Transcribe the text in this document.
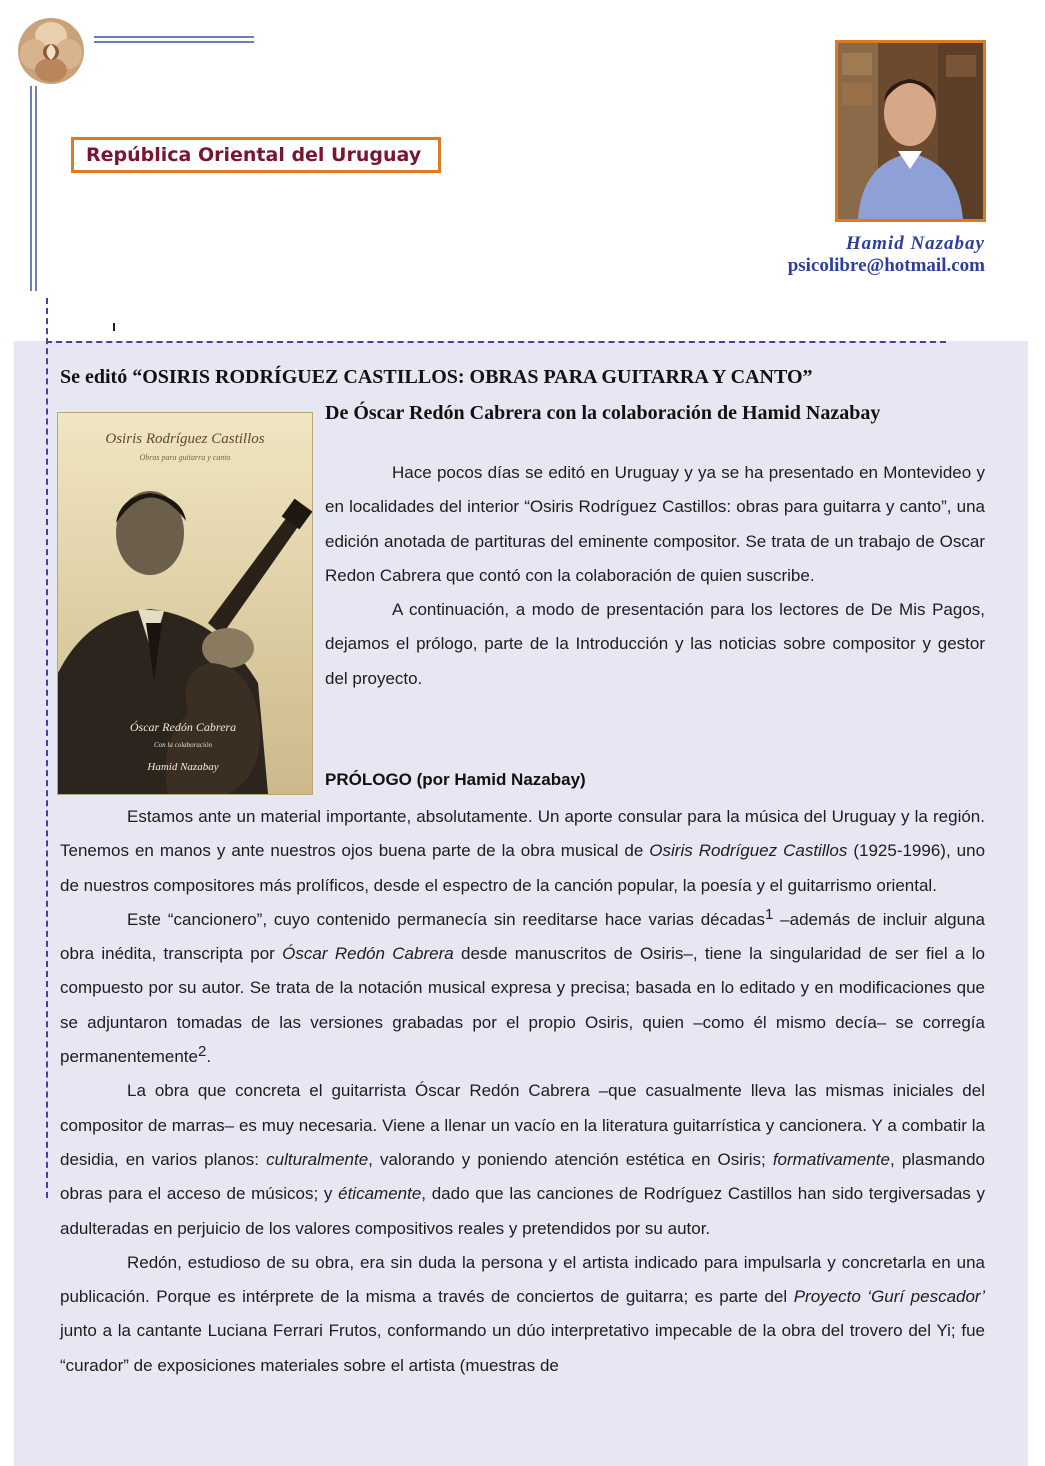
República Oriental del Uruguay
Hamid Nazabay
psicolibre@hotmail.com
Se editó “OSIRIS RODRÍGUEZ CASTILLOS: OBRAS PARA GUITARRA Y CANTO”
De Óscar Redón Cabrera con la colaboración de Hamid Nazabay
Osiris Rodríguez Castillos
Obras para guitarra y canto
Óscar Redón Cabrera
Con la colaboración
Hamid Nazabay

Hace pocos días se editó en Uruguay y ya se ha presentado en Montevideo y en localidades del interior “Osiris Rodríguez Castillos: obras para guitarra y canto”, una edición anotada de partituras del eminente compositor. Se trata de un trabajo de Oscar Redon Cabrera que contó con la colaboración de quien suscribe.

A continuación, a modo de presentación para los lectores de De Mis Pagos, dejamos el prólogo, parte de la Introducción y las noticias sobre compositor y gestor del proyecto.

PRÓLOGO (por Hamid Nazabay)

Estamos ante un material importante, absolutamente. Un aporte consular para la música del Uruguay y la región. Tenemos en manos y ante nuestros ojos buena parte de la obra musical de Osiris Rodríguez Castillos (1925-1996), uno de nuestros compositores más prolíficos, desde el espectro de la canción popular, la poesía y el guitarrismo oriental.

Este “cancionero”, cuyo contenido permanecía sin reeditarse hace varias décadas$^1$ –además de incluir alguna obra inédita, transcripta por Óscar Redón Cabrera desde manuscritos de Osiris–, tiene la singularidad de ser fiel a lo compuesto por su autor. Se trata de la notación musical expresa y precisa; basada en lo editado y en modificaciones que se adjuntaron tomadas de las versiones grabadas por el propio Osiris, quien –como él mismo decía– se corregía permanentemente$^2$.

La obra que concreta el guitarrista Óscar Redón Cabrera –que casualmente lleva las mismas iniciales del compositor de marras– es muy necesaria. Viene a llenar un vacío en la literatura guitarrística y cancionera. Y a combatir la desidia, en varios planos: culturalmente, valorando y poniendo atención estética en Osiris; formativamente, plasmando obras para el acceso de músicos; y éticamente, dado que las canciones de Rodríguez Castillos han sido tergiversadas y adulteradas en perjuicio de los valores compositivos reales y pretendidos por su autor.

Redón, estudioso de su obra, era sin duda la persona y el artista indicado para impulsarla y concretarla en una publicación. Porque es intérprete de la misma a través de conciertos de guitarra; es parte del Proyecto ‘Gurí pescador’ junto a la cantante Luciana Ferrari Frutos, conformando un dúo interpretativo impecable de la obra del trovero del Yi; fue “curador” de exposiciones materiales sobre el artista (muestras de
